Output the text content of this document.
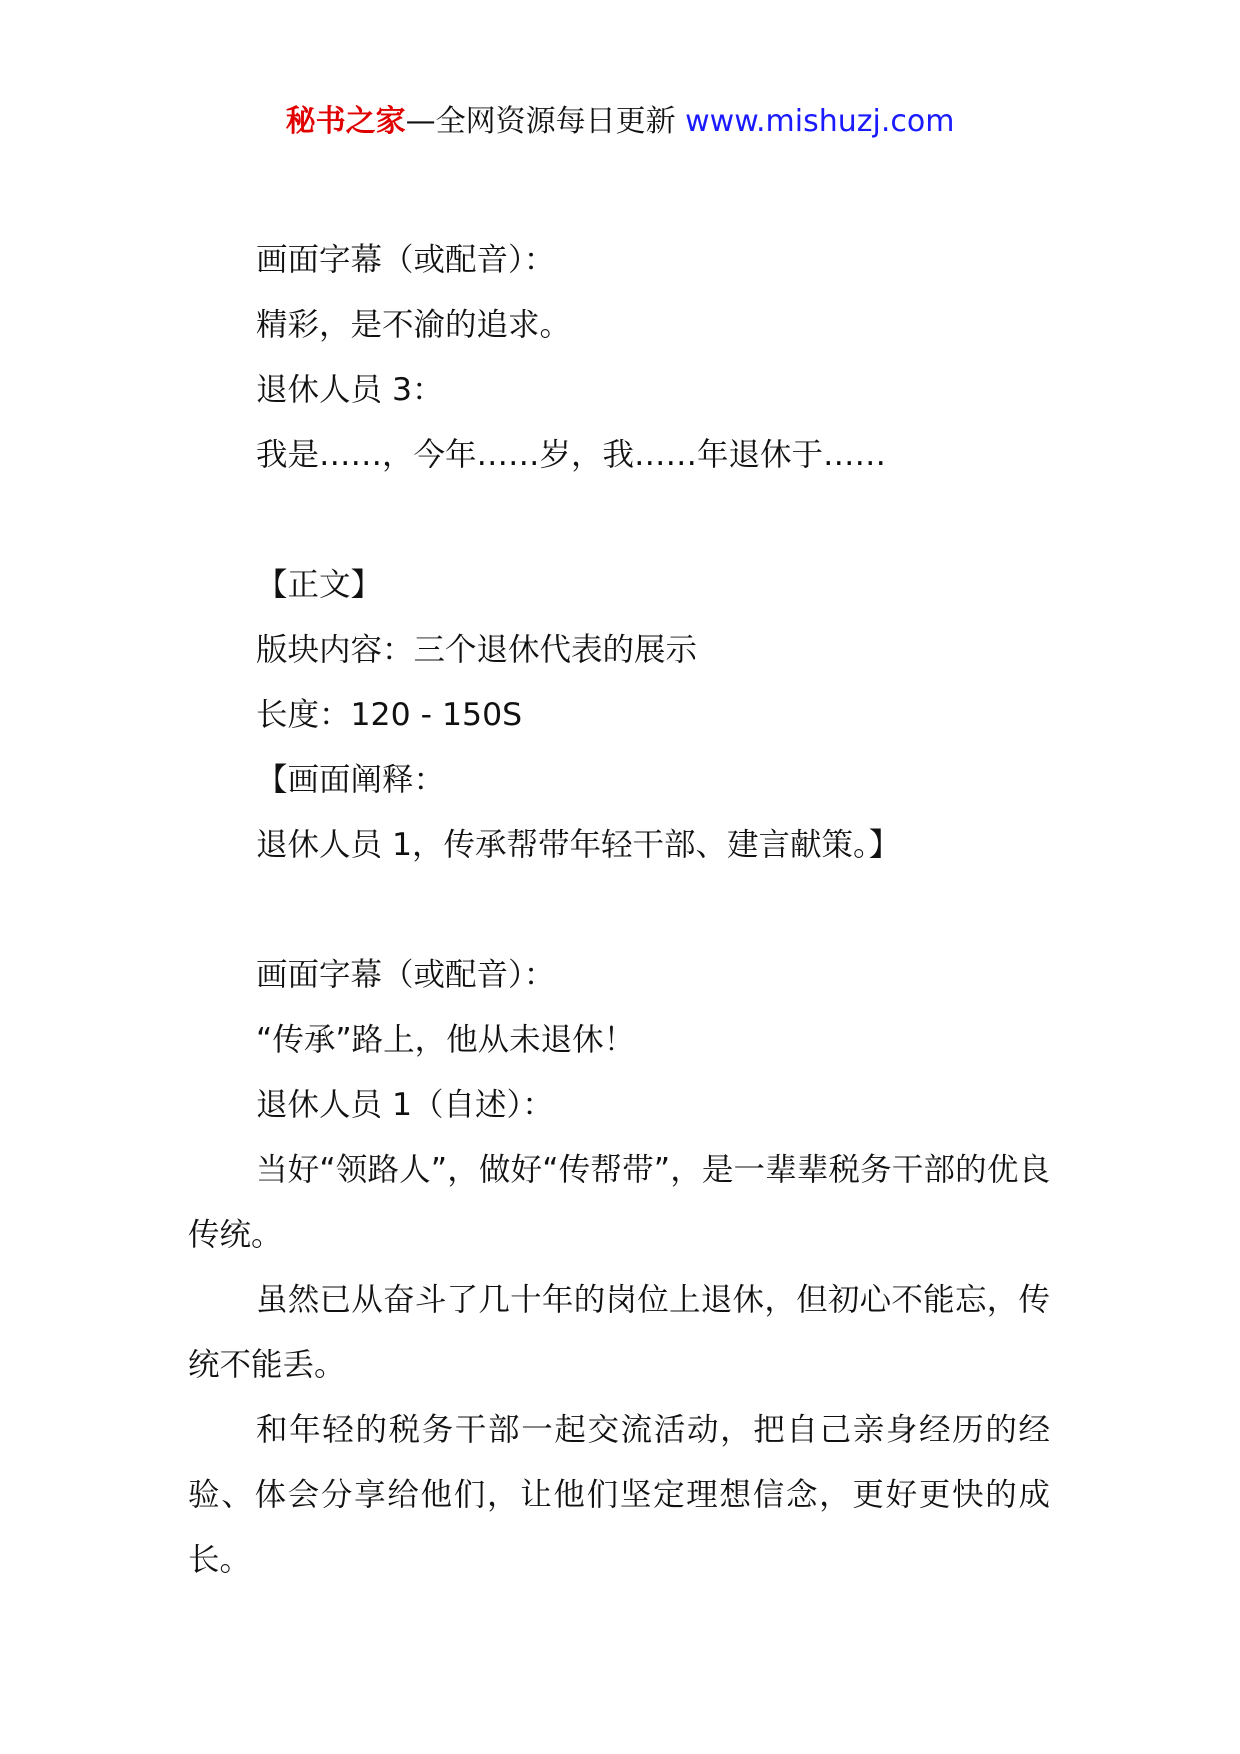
秘书之家—全网资源每日更新 www.mishuzj.com

画面字幕（或配音）：

精彩，是不渝的追求。

退休人员 3：

我是……，今年……岁，我……年退休于……

【正文】

版块内容：三个退休代表的展示

长度：120 - 150S

【画面阐释：

退休人员 1，传承帮带年轻干部、建言献策。】

画面字幕（或配音）：

“传承”路上，他从未退休！

退休人员 1（自述）：

当好“领路人”，做好“传帮带”，是一辈辈税务干部的优良传统。

虽然已从奋斗了几十年的岗位上退休，但初心不能忘，传统不能丢。

和年轻的税务干部一起交流活动，把自己亲身经历的经验、体会分享给他们，让他们坚定理想信念，更好更快的成长。
